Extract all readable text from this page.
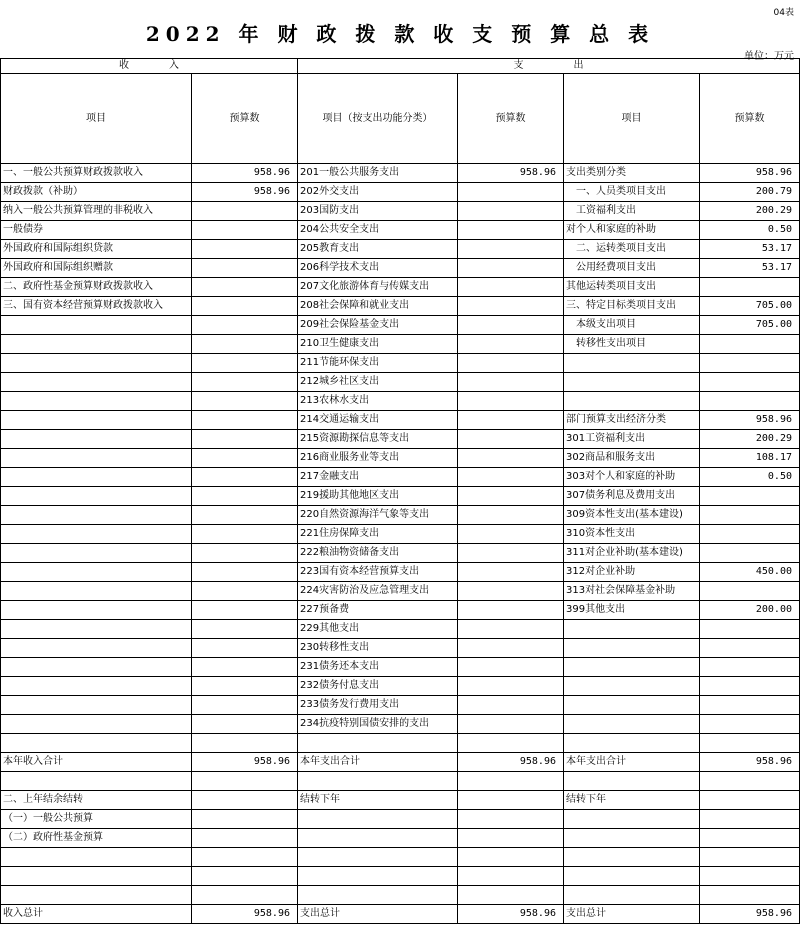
04表
2022 年 财 政 拨 款 收 支 预 算 总 表
单位：万元
收　　　　入		支　　　　　出			
项目	预算数	项目（按支出功能分类）	预算数	项目	预算数
一、一般公共预算财政拨款收入	958.96	201一般公共服务支出	958.96	支出类别分类	958.96
财政拨款（补助）	958.96	202外交支出		一、人员类项目支出	200.79
纳入一般公共预算管理的非税收入		203国防支出		工资福利支出	200.29
一般债券		204公共安全支出		对个人和家庭的补助	0.50
外国政府和国际组织贷款		205教育支出		二、运转类项目支出	53.17
外国政府和国际组织赠款		206科学技术支出		公用经费项目支出	53.17
二、政府性基金预算财政拨款收入		207文化旅游体育与传媒支出		其他运转类项目支出	
三、国有资本经营预算财政拨款收入		208社会保障和就业支出		三、特定目标类项目支出	705.00
		209社会保险基金支出		本级支出项目	705.00
		210卫生健康支出		转移性支出项目	
		211节能环保支出			
		212城乡社区支出			
		213农林水支出			
		214交通运输支出		部门预算支出经济分类	958.96
		215资源勘探信息等支出		301工资福利支出	200.29
		216商业服务业等支出		302商品和服务支出	108.17
		217金融支出		303对个人和家庭的补助	0.50
		219援助其他地区支出		307债务利息及费用支出	
		220自然资源海洋气象等支出		309资本性支出(基本建设)	
		221住房保障支出		310资本性支出	
		222粮油物资储备支出		311对企业补助(基本建设)	
		223国有资本经营预算支出		312对企业补助	450.00
		224灾害防治及应急管理支出		313对社会保障基金补助	
		227预备费		399其他支出	200.00
		229其他支出			
		230转移性支出			
		231债务还本支出			
		232债务付息支出			
		233债务发行费用支出			
		234抗疫特别国债安排的支出			

本年收入合计	958.96	本年支出合计	958.96	本年支出合计	958.96

二、上年结余结转		结转下年		结转下年	
（一）一般公共预算					
（二）政府性基金预算					

收入总计	958.96	支出总计	958.96	支出总计	958.96
